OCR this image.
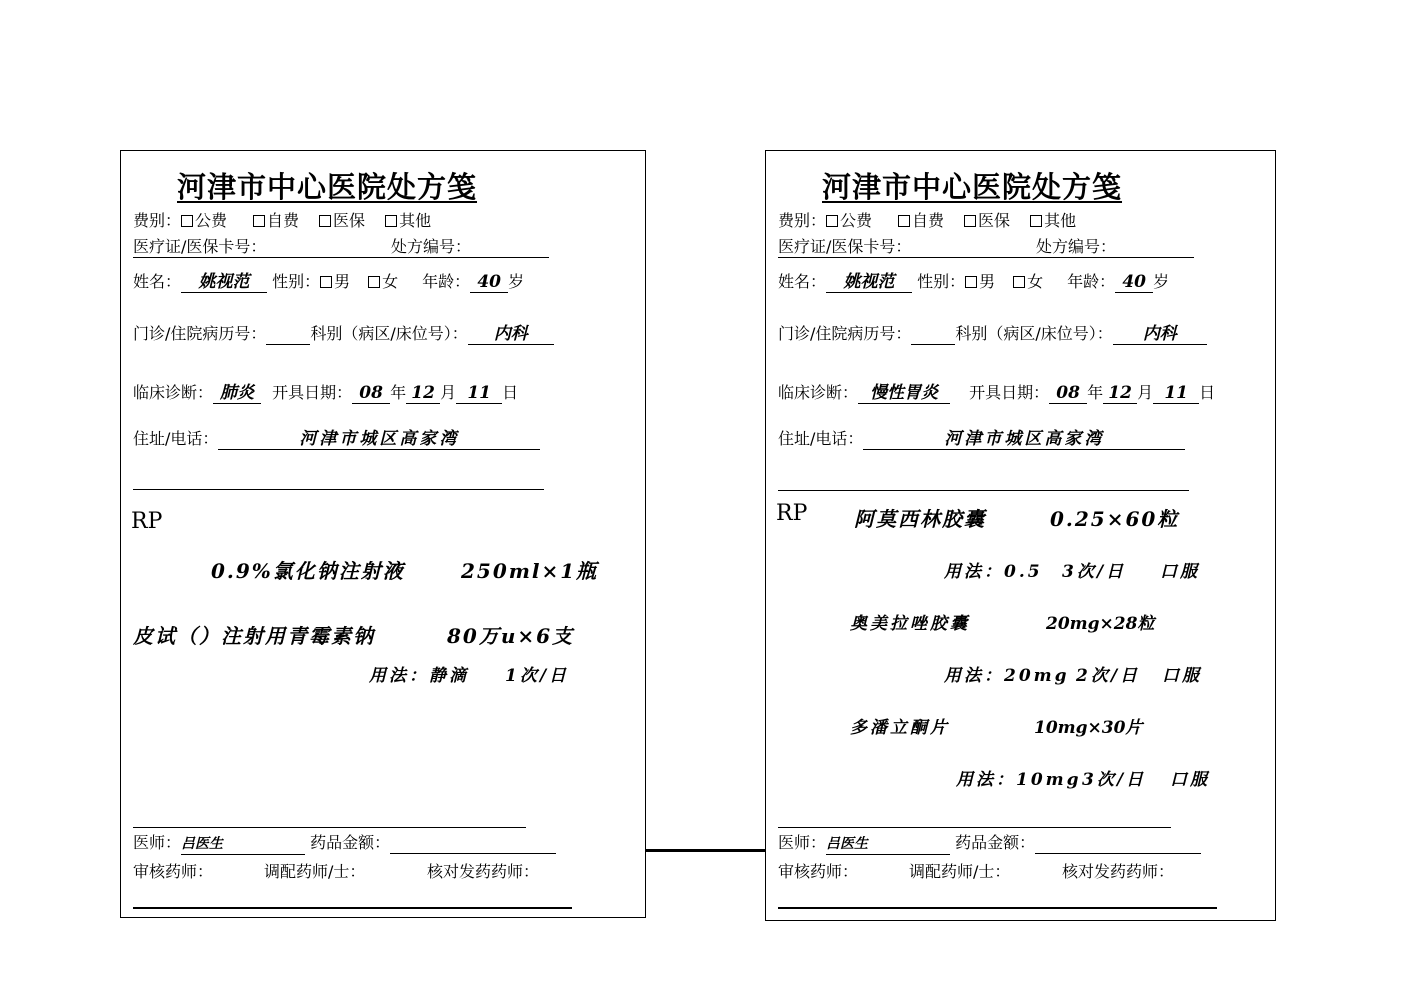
河津市中心医院处方笺
费别： 公费	自费 医保 其他
医疗证/医保卡号：	处方编号：
姓名： 姚视范 性别： 男 女 年龄： 40 岁
门诊/住院病历号：	科别（病区/床位号）： 内科
临床诊断： 肺炎 开具日期： 08 年 12 月 11 日
住址/电话：	河津市城区高家湾
RP
0.9%氯化钠注射液	250ml×1瓶
皮试（）注射用青霉素钠	80万u×6支
用法：静滴 1次/日
医师：吕医生	药品金额：
审核药师：	调配药师/士：	核对发药药师：
河津市中心医院处方笺
费别： 公费	自费 医保 其他
医疗证/医保卡号：	处方编号：
姓名： 姚视范 性别： 男 女 年龄： 40 岁
门诊/住院病历号：	科别（病区/床位号）： 内科
临床诊断： 慢性胃炎 开具日期： 08 年 12 月 11 日
住址/电话：	河津市城区高家湾
RP 阿莫西林胶囊	0.25×60粒
用法：0.5 3次/日 口服
奥美拉唑胶囊	20mg×28粒
用法：20mg 2次/日 口服
多潘立酮片	10mg×30片
用法：10mg 3次/日 口服
医师：吕医生	药品金额：
审核药师：	调配药师/士：	核对发药药师：
